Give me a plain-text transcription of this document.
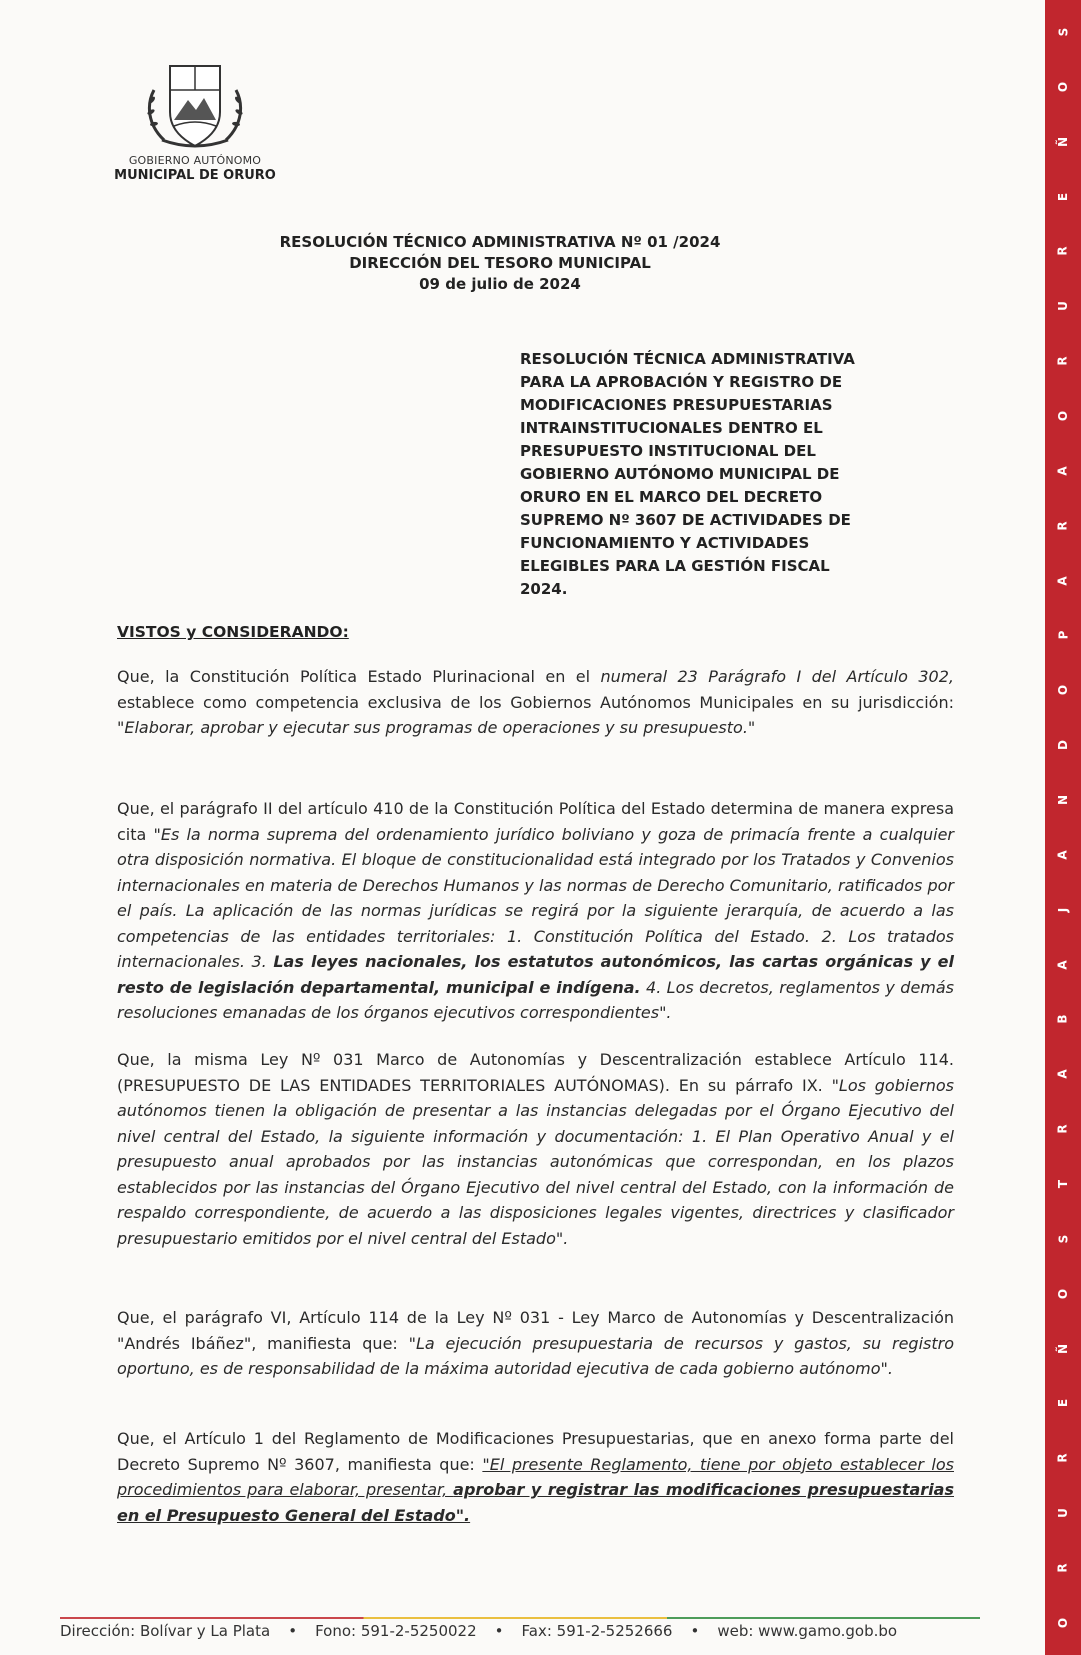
GOBIERNO AUTÓNOMO
MUNICIPAL DE ORURO
RESOLUCIÓN TÉCNICO ADMINISTRATIVA Nº 01 /2024
DIRECCIÓN DEL TESORO MUNICIPAL
09 de julio de 2024
RESOLUCIÓN TÉCNICA ADMINISTRATIVA
PARA LA APROBACIÓN Y REGISTRO DE
MODIFICACIONES PRESUPUESTARIAS
INTRAINSTITUCIONALES DENTRO EL
PRESUPUESTO INSTITUCIONAL DEL
GOBIERNO AUTÓNOMO MUNICIPAL DE
ORURO EN EL MARCO DEL DECRETO
SUPREMO Nº 3607 DE ACTIVIDADES DE
FUNCIONAMIENTO Y ACTIVIDADES
ELEGIBLES PARA LA GESTIÓN FISCAL
2024.
VISTOS y CONSIDERANDO:

Que, la Constitución Política Estado Plurinacional en el numeral 23 Parágrafo I del Artículo 302, establece como competencia exclusiva de los Gobiernos Autónomos Municipales en su jurisdicción: "Elaborar, aprobar y ejecutar sus programas de operaciones y su presupuesto."

Que, el parágrafo II del artículo 410 de la Constitución Política del Estado determina de manera expresa cita "Es la norma suprema del ordenamiento jurídico boliviano y goza de primacía frente a cualquier otra disposición normativa. El bloque de constitucionalidad está integrado por los Tratados y Convenios internacionales en materia de Derechos Humanos y las normas de Derecho Comunitario, ratificados por el país. La aplicación de las normas jurídicas se regirá por la siguiente jerarquía, de acuerdo a las competencias de las entidades territoriales: 1. Constitución Política del Estado. 2. Los tratados internacionales. 3. Las leyes nacionales, los estatutos autonómicos, las cartas orgánicas y el resto de legislación departamental, municipal e indígena. 4. Los decretos, reglamentos y demás resoluciones emanadas de los órganos ejecutivos correspondientes".

Que, la misma Ley Nº 031 Marco de Autonomías y Descentralización establece Artículo 114. (PRESUPUESTO DE LAS ENTIDADES TERRITORIALES AUTÓNOMAS). En su párrafo IX. "Los gobiernos autónomos tienen la obligación de presentar a las instancias delegadas por el Órgano Ejecutivo del nivel central del Estado, la siguiente información y documentación: 1. El Plan Operativo Anual y el presupuesto anual aprobados por las instancias autonómicas que correspondan, en los plazos establecidos por las instancias del Órgano Ejecutivo del nivel central del Estado, con la información de respaldo correspondiente, de acuerdo a las disposiciones legales vigentes, directrices y clasificador presupuestario emitidos por el nivel central del Estado".

Que, el parágrafo VI, Artículo 114 de la Ley Nº 031 - Ley Marco de Autonomías y Descentralización "Andrés Ibáñez", manifiesta que: "La ejecución presupuestaria de recursos y gastos, su registro oportuno, es de responsabilidad de la máxima autoridad ejecutiva de cada gobierno autónomo".

Que, el Artículo 1 del Reglamento de Modificaciones Presupuestarias, que en anexo forma parte del Decreto Supremo Nº 3607, manifiesta que: "El presente Reglamento, tiene por objeto establecer los procedimientos para elaborar, presentar, aprobar y registrar las modificaciones presupuestarias en el Presupuesto General del Estado".

Dirección: Bolívar y La Plata • Fono: 591-2-5250022 • Fax: 591-2-5252666 • web: www.gamo.gob.bo
S
O
Ñ
E
R
U
R
O
A
R
A
P
O
D
N
A
J
A
B
A
R
T
S
O
Ñ
E
R
U
R
O
